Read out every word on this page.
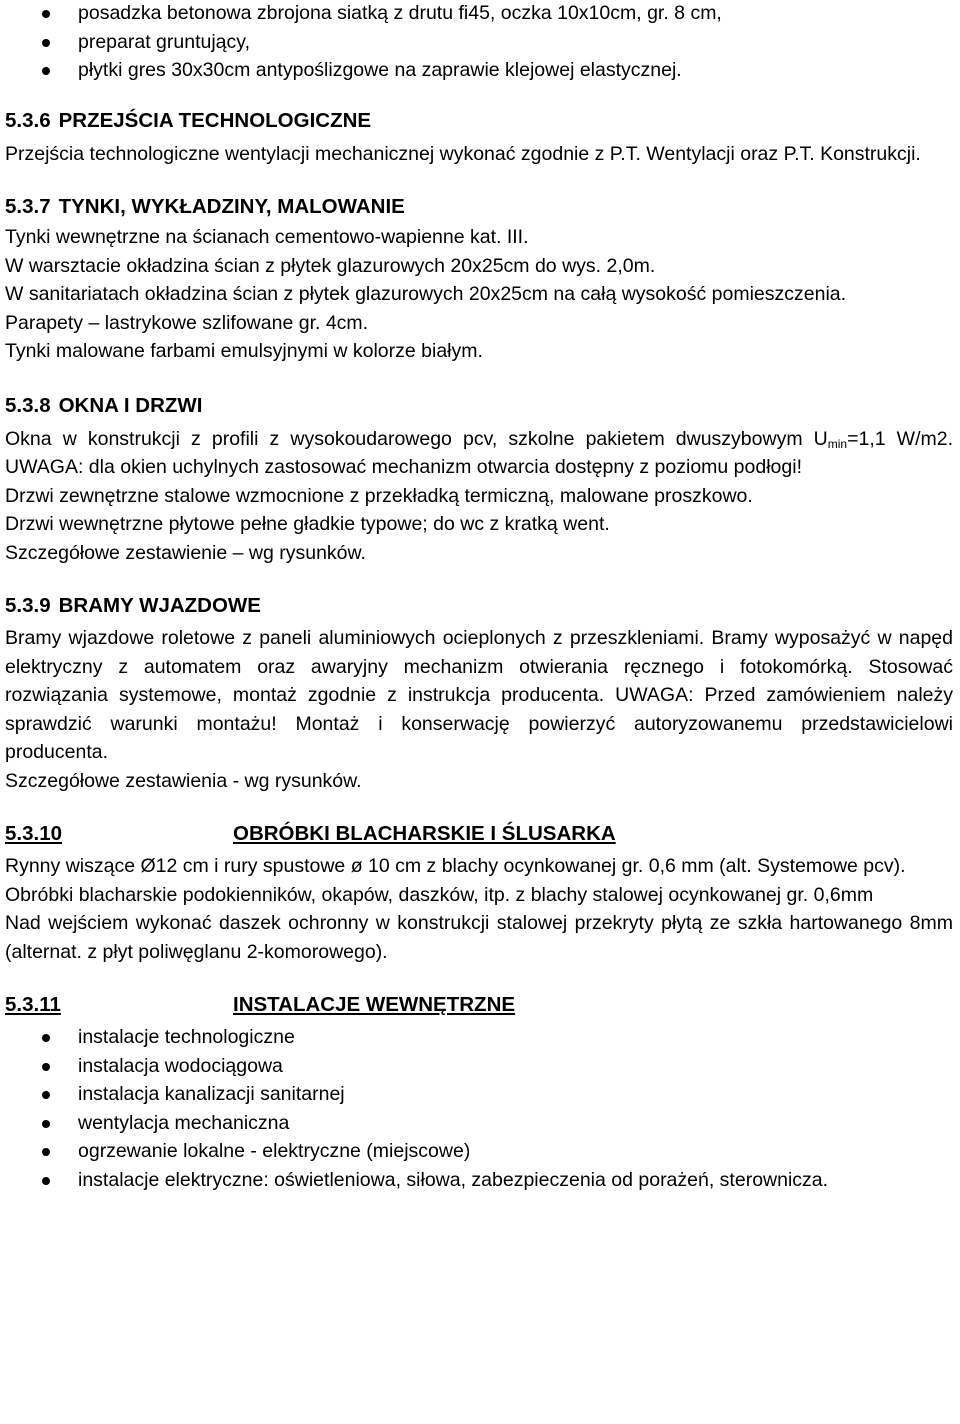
posadzka betonowa zbrojona siatką z drutu fi45, oczka 10x10cm, gr. 8 cm,
preparat gruntujący,
płytki gres 30x30cm antypoślizgowe na zaprawie klejowej elastycznej.
5.3.6 PRZEJŚCIA TECHNOLOGICZNE

Przejścia technologiczne wentylacji mechanicznej wykonać zgodnie z P.T. Wentylacji oraz P.T. Konstrukcji.

5.3.7 TYNKI, WYKŁADZINY, MALOWANIE

Tynki wewnętrzne na ścianach cementowo-wapienne kat. III.

W warsztacie okładzina ścian z płytek glazurowych 20x25cm do wys. 2,0m.

W sanitariatach okładzina ścian z płytek glazurowych 20x25cm na całą wysokość pomieszczenia.

Parapety – lastrykowe szlifowane gr. 4cm.

Tynki malowane farbami emulsyjnymi w kolorze białym.

5.3.8 OKNA I DRZWI

Okna w konstrukcji z profili z wysokoudarowego pcv, szkolne pakietem dwuszybowym $U_{min}=1,1$ W/m2. UWAGA: dla okien uchylnych zastosować mechanizm otwarcia dostępny z poziomu podłogi!

Drzwi zewnętrzne stalowe wzmocnione z przekładką termiczną, malowane proszkowo.

Drzwi wewnętrzne płytowe pełne gładkie typowe; do wc z kratką went.

Szczegółowe zestawienie – wg rysunków.

5.3.9 BRAMY WJAZDOWE

Bramy wjazdowe roletowe z paneli aluminiowych ocieplonych z przeszkleniami. Bramy wyposażyć w napęd elektryczny z automatem oraz awaryjny mechanizm otwierania ręcznego i fotokomórką. Stosować rozwiązania systemowe, montaż zgodnie z instrukcja producenta. UWAGA: Przed zamówieniem należy sprawdzić warunki montażu! Montaż i konserwację powierzyć autoryzowanemu przedstawicielowi producenta.

Szczegółowe zestawienia - wg rysunków.

5.3.10	OBRÓBKI BLACHARSKIE I ŚLUSARKA

Rynny wiszące Ø12 cm i rury spustowe ø 10 cm z blachy ocynkowanej gr. 0,6 mm (alt. Systemowe pcv).

Obróbki blacharskie podokienników, okapów, daszków, itp. z blachy stalowej ocynkowanej gr. 0,6mm

Nad wejściem wykonać daszek ochronny w konstrukcji stalowej przekryty płytą ze szkła hartowanego 8mm (alternat. z płyt poliwęglanu 2-komorowego).

5.3.11	INSTALACJE WEWNĘTRZNE
instalacje technologiczne
instalacja wodociągowa
instalacja kanalizacji sanitarnej
wentylacja mechaniczna
ogrzewanie lokalne - elektryczne (miejscowe)
instalacje elektryczne: oświetleniowa, siłowa, zabezpieczenia od porażeń, sterownicza.
